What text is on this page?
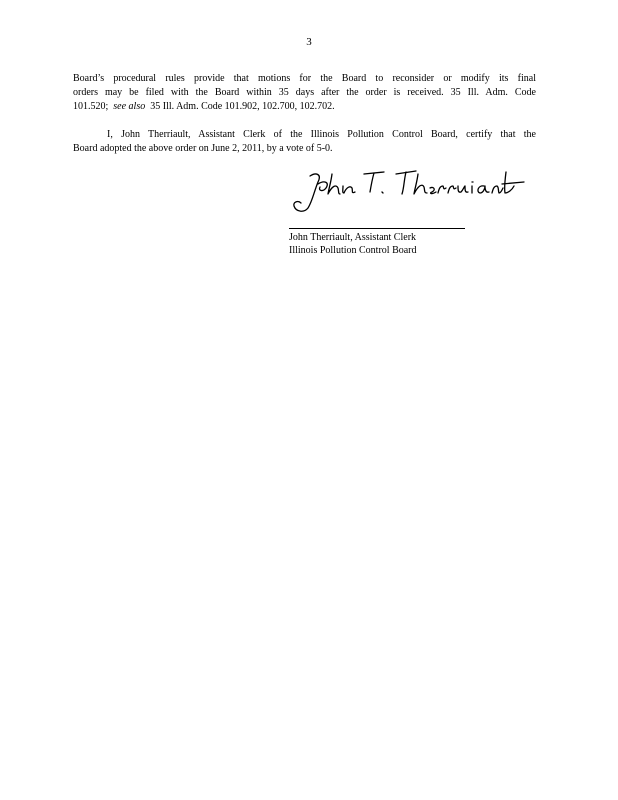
3
Board’s procedural rules provide that motions for the Board to reconsider or modify its final
orders may be filed with the Board within 35 days after the order is received. 35 Ill. Adm. Code
101.520; see also 35 Ill. Adm. Code 101.902, 102.700, 102.702.
I, John Therriault, Assistant Clerk of the Illinois Pollution Control Board, certify that the
Board adopted the above order on June 2, 2011, by a vote of 5-0.
John Therriault, Assistant Clerk
Illinois Pollution Control Board
